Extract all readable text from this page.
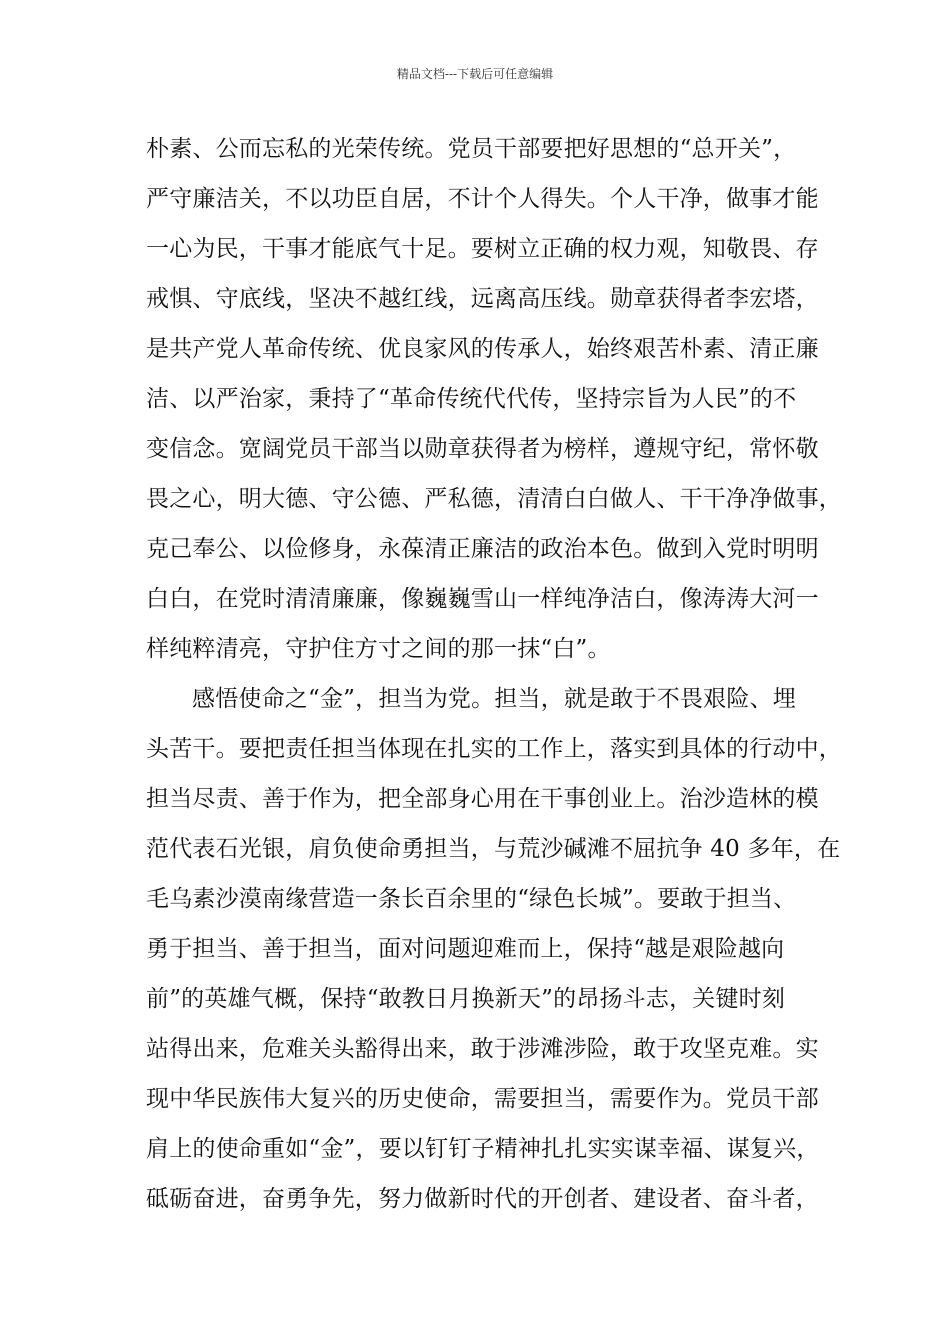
精品文档---下载后可任意编辑
朴素、公而忘私的光荣传统。党员干部要把好思想的“总开关”，
严守廉洁关，不以功臣自居，不计个人得失。个人干净，做事才能
一心为民，干事才能底气十足。要树立正确的权力观，知敬畏、存
戒惧、守底线，坚决不越红线，远离高压线。勋章获得者李宏塔，
是共产党人革命传统、优良家风的传承人，始终艰苦朴素、清正廉
洁、以严治家，秉持了“革命传统代代传，坚持宗旨为人民”的不
变信念。宽阔党员干部当以勋章获得者为榜样，遵规守纪，常怀敬
畏之心，明大德、守公德、严私德，清清白白做人、干干净净做事，
克己奉公、以俭修身，永葆清正廉洁的政治本色。做到入党时明明
白白，在党时清清廉廉，像巍巍雪山一样纯净洁白，像涛涛大河一
样纯粹清亮，守护住方寸之间的那一抹“白”。
感悟使命之“金”，担当为党。担当，就是敢于不畏艰险、埋
头苦干。要把责任担当体现在扎实的工作上，落实到具体的行动中，
担当尽责、善于作为，把全部身心用在干事创业上。治沙造林的模
范代表石光银，肩负使命勇担当，与荒沙碱滩不屈抗争 40 多年，在
毛乌素沙漠南缘营造一条长百余里的“绿色长城”。要敢于担当、
勇于担当、善于担当，面对问题迎难而上，保持“越是艰险越向
前”的英雄气概，保持“敢教日月换新天”的昂扬斗志，关键时刻
站得出来，危难关头豁得出来，敢于涉滩涉险，敢于攻坚克难。实
现中华民族伟大复兴的历史使命，需要担当，需要作为。党员干部
肩上的使命重如“金”，要以钉钉子精神扎扎实实谋幸福、谋复兴，
砥砺奋进，奋勇争先，努力做新时代的开创者、建设者、奋斗者，
